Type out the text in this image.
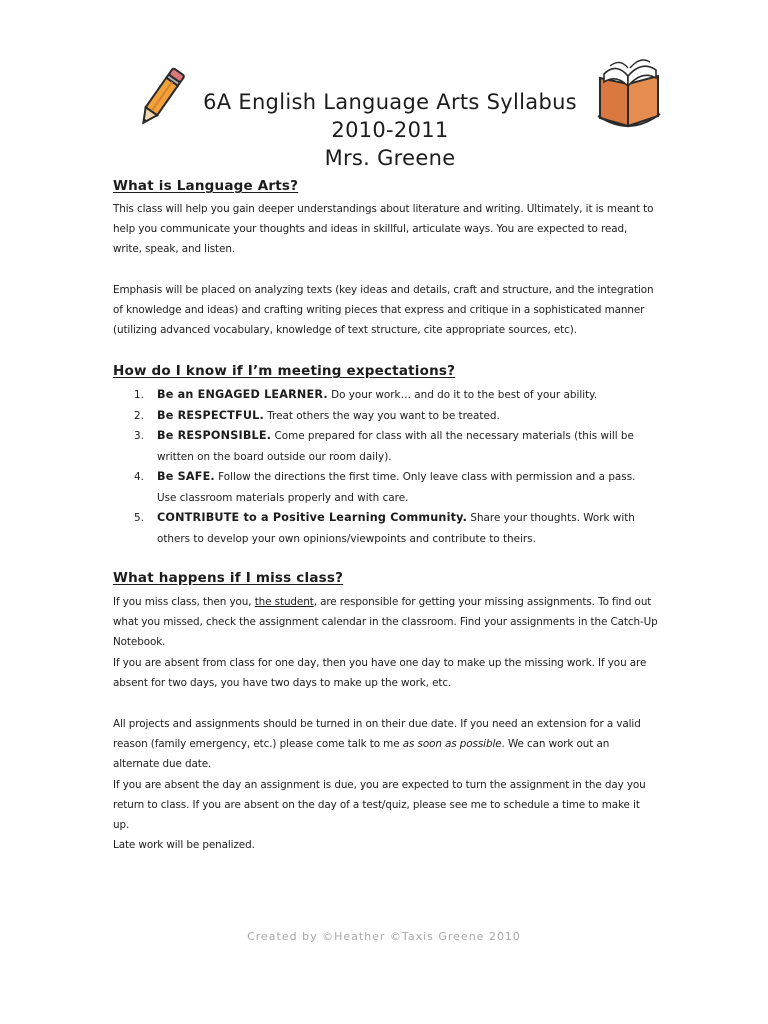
6A English Language Arts Syllabus 2010-2011
Mrs. Greene
What is Language Arts?
This class will help you gain deeper understandings about literature and writing. Ultimately, it is meant to help you communicate your thoughts and ideas in skillful, articulate ways. You are expected to read, write, speak, and listen.
Emphasis will be placed on analyzing texts (key ideas and details, craft and structure, and the integration of knowledge and ideas) and crafting writing pieces that express and critique in a sophisticated manner (utilizing advanced vocabulary, knowledge of text structure, cite appropriate sources, etc).
How do I know if I’m meeting expectations?
1. Be an ENGAGED LEARNER. Do your work… and do it to the best of your ability.
2. Be RESPECTFUL. Treat others the way you want to be treated.
3. Be RESPONSIBLE. Come prepared for class with all the necessary materials (this will be written on the board outside our room daily).
4. Be SAFE. Follow the directions the first time. Only leave class with permission and a pass. Use classroom materials properly and with care.
5. CONTRIBUTE to a Positive Learning Community. Share your thoughts. Work with others to develop your own opinions/viewpoints and contribute to theirs.
What happens if I miss class?
If you miss class, then you, the student, are responsible for getting your missing assignments. To find out what you missed, check the assignment calendar in the classroom. Find your assignments in the Catch-Up Notebook.
If you are absent from class for one day, then you have one day to make up the missing work. If you are absent for two days, you have two days to make up the work, etc.
All projects and assignments should be turned in on their due date. If you need an extension for a valid reason (family emergency, etc.) please come talk to me as soon as possible. We can work out an alternate due date.
If you are absent the day an assignment is due, you are expected to turn the assignment in the day you return to class. If you are absent on the day of a test/quiz, please see me to schedule a time to make it up.
Late work will be penalized.
Created by ©Heather ©Taxis Greene 2010
